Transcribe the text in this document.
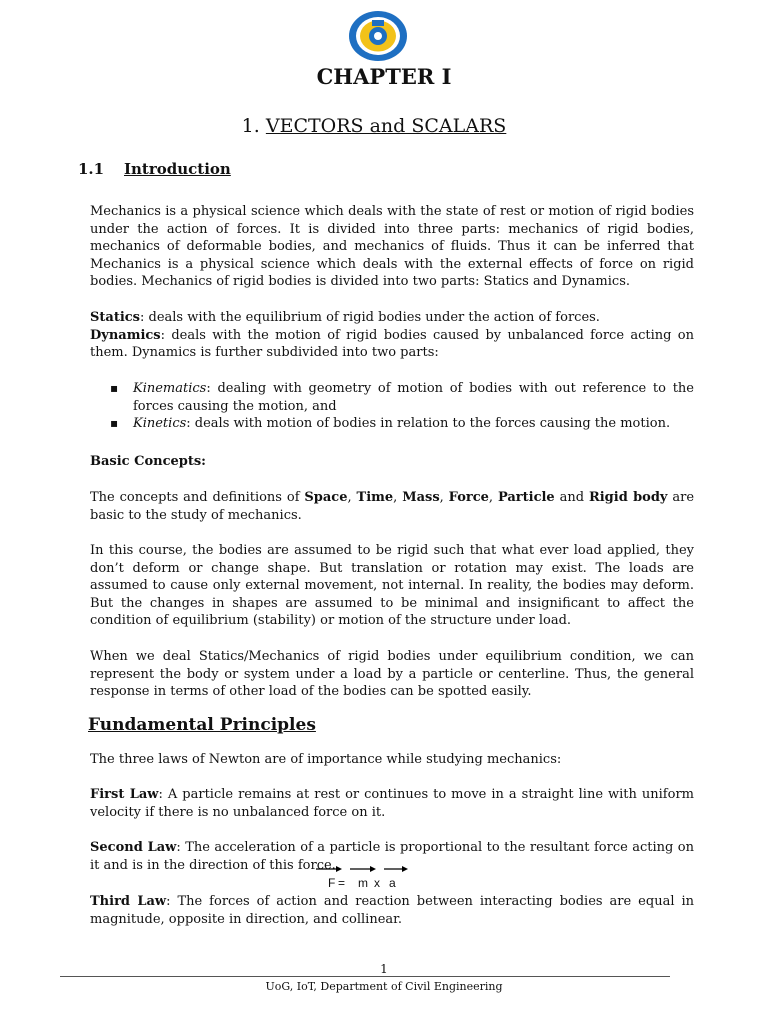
CHAPTER I
1. VECTORS and SCALARS
1.1 Introduction
Mechanics is a physical science which deals with the state of rest or motion of rigid bodies under the action of forces. It is divided into three parts: mechanics of rigid bodies, mechanics of deformable bodies, and mechanics of fluids. Thus it can be inferred that Mechanics is a physical science which deals with the external effects of force on rigid bodies. Mechanics of rigid bodies is divided into two parts: Statics and Dynamics.
Statics: deals with the equilibrium of rigid bodies under the action of forces.
Dynamics: deals with the motion of rigid bodies caused by unbalanced force acting on them. Dynamics is further subdivided into two parts:
▪ Kinematics: dealing with geometry of motion of bodies with out reference to the forces causing the motion, and
▪ Kinetics: deals with motion of bodies in relation to the forces causing the motion.
Basic Concepts:
The concepts and definitions of Space, Time, Mass, Force, Particle and Rigid body are basic to the study of mechanics.
In this course, the bodies are assumed to be rigid such that what ever load applied, they don’t deform or change shape. But translation or rotation may exist. The loads are assumed to cause only external movement, not internal. In reality, the bodies may deform. But the changes in shapes are assumed to be minimal and insignificant to affect the condition of equilibrium (stability) or motion of the structure under load.
When we deal Statics/Mechanics of rigid bodies under equilibrium condition, we can represent the body or system under a load by a particle or centerline. Thus, the general response in terms of other load of the bodies can be spotted easily.
Fundamental Principles
The three laws of Newton are of importance while studying mechanics:
First Law: A particle remains at rest or continues to move in a straight line with uniform velocity if there is no unbalanced force on it.
Second Law: The acceleration of a particle is proportional to the resultant force acting on it and is in the direction of this force.
F = m x a
Third Law: The forces of action and reaction between interacting bodies are equal in magnitude, opposite in direction, and collinear.
1
UoG, IoT, Department of Civil Engineering
